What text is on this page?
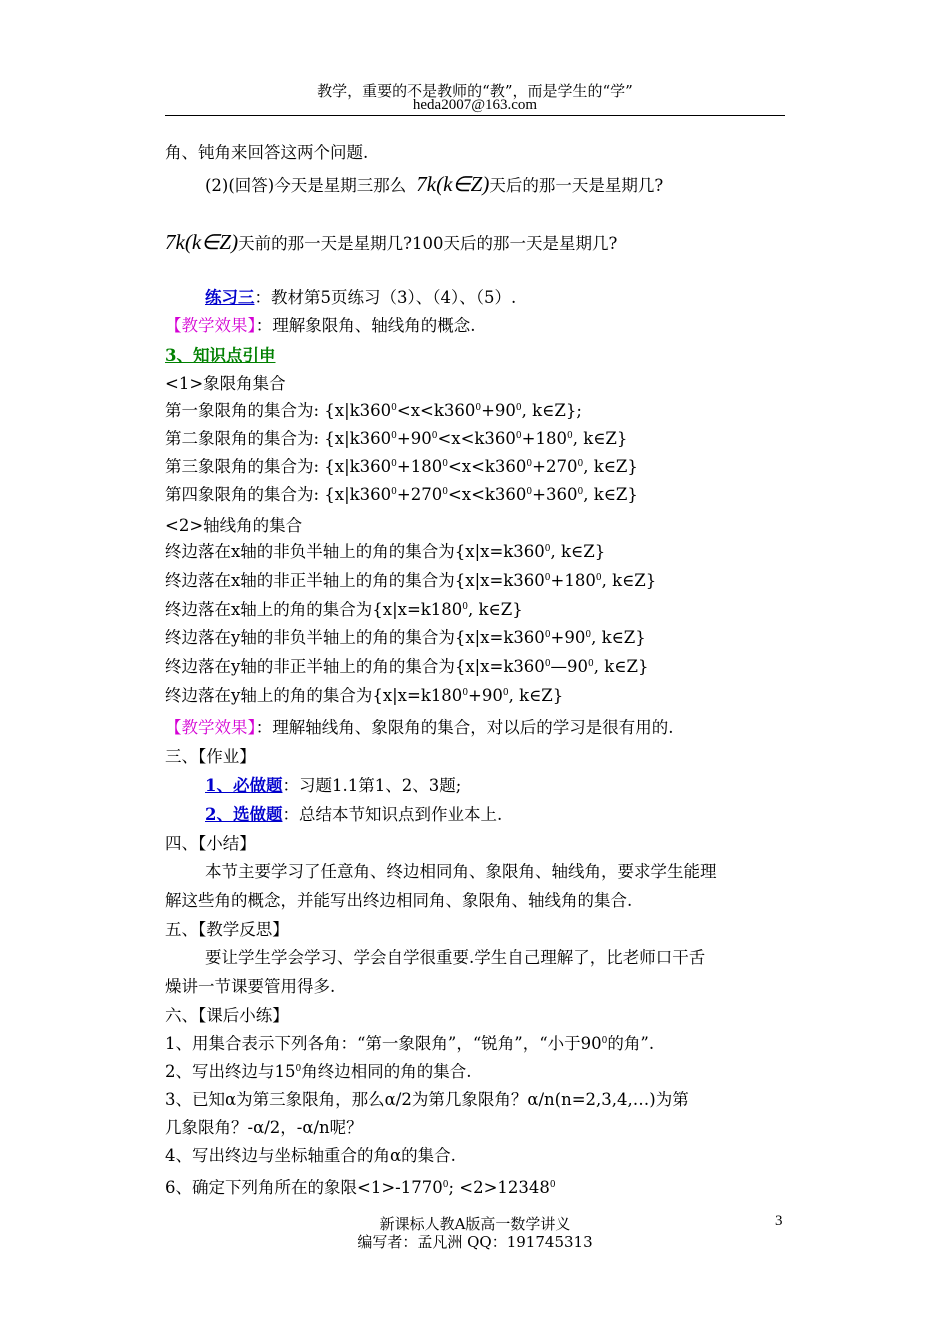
教学，重要的不是教师的“教”，而是学生的“学”
heda2007@163.com
角、钝角来回答这两个问题.
(2)(回答)今天是星期三那么 7k(k∈Z)天后的那一天是星期几?
7k(k∈Z)天前的那一天是星期几?100天后的那一天是星期几?
练习三：教材第5页练习（3）、（4）、（5）.
【教学效果】：理解象限角、轴线角的概念.
3、知识点引申
<1>象限角集合
第一象限角的集合为: {$x|k360^0<x<k360^0+90^0$, k∈Z};
第二象限角的集合为: {$x|k360^0+90^0<x<k360^0+180^0$, k∈Z}
第三象限角的集合为: {$x|k360^0+180^0<x<k360^0+270^0$, k∈Z}
第四象限角的集合为: {$x|k360^0+270^0<x<k360^0+360^0$, k∈Z}
<2>轴线角的集合
终边落在x轴的非负半轴上的角的集合为{$x|x=k360^0$, k∈Z}
终边落在x轴的非正半轴上的角的集合为{$x|x=k360^0+180^0$, k∈Z}
终边落在x轴上的角的集合为{$x|x=k180^0$, k∈Z}
终边落在y轴的非负半轴上的角的集合为{$x|x=k360^0+90^0$, k∈Z}
终边落在y轴的非正半轴上的角的集合为{$x|x=k360^0—90^0$, k∈Z}
终边落在y轴上的角的集合为{$x|x=k180^0+90^0$, k∈Z}
【教学效果】：理解轴线角、象限角的集合，对以后的学习是很有用的.
三、【作业】
1、必做题：习题1.1第1、2、3题;
2、选做题：总结本节知识点到作业本上.
四、【小结】
本节主要学习了任意角、终边相同角、象限角、轴线角，要求学生能理
解这些角的概念，并能写出终边相同角、象限角、轴线角的集合.
五、【教学反思】
要让学生学会学习、学会自学很重要.学生自己理解了，比老师口干舌
燥讲一节课要管用得多.
六、【课后小练】
1、用集合表示下列各角：“第一象限角”，“锐角”，“小于$90^0$的角”.
2、写出终边与$15^0$角终边相同的角的集合.
3、已知α为第三象限角，那么α/2为第几象限角？α/n(n=2,3,4,…)为第
几象限角？-α/2，-α/n呢？
4、写出终边与坐标轴重合的角α的集合.
6、确定下列角所在的象限$<1>-1770^0$; $<2>12348^0$
新课标人教A版高一数学讲义
编写者：孟凡洲 QQ：191745313
3
